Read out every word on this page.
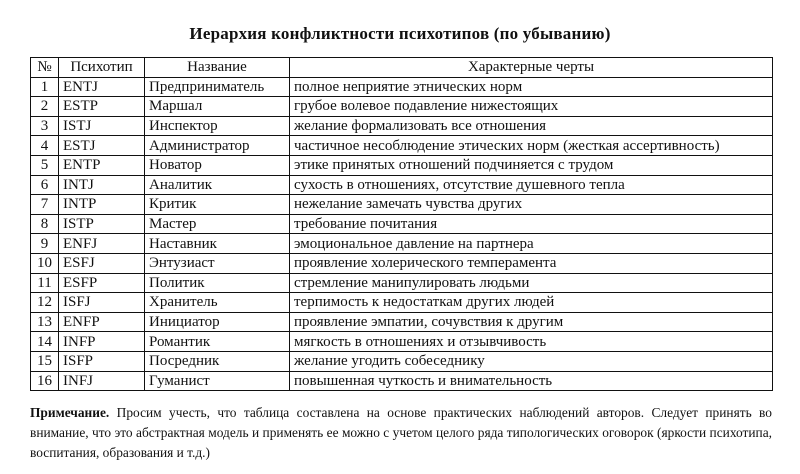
Иерархия конфликтности психотипов (по убыванию)
№	Психотип	Название	Характерные черты
1	ENTJ	Предприниматель	полное неприятие этнических норм
2	ESTP	Маршал	грубое волевое подавление нижестоящих
3	ISTJ	Инспектор	желание формализовать все отношения
4	ESTJ	Администратор	частичное несоблюдение этических норм (жесткая ассертивность)
5	ENTP	Новатор	этике принятых отношений подчиняется с трудом
6	INTJ	Аналитик	сухость в отношениях, отсутствие душевного тепла
7	INTP	Критик	нежелание замечать чувства других
8	ISTP	Мастер	требование почитания
9	ENFJ	Наставник	эмоциональное давление на партнера
10	ESFJ	Энтузиаст	проявление холерического темперамента
11	ESFP	Политик	стремление манипулировать людьми
12	ISFJ	Хранитель	терпимость к недостаткам других людей
13	ENFP	Инициатор	проявление эмпатии, сочувствия к другим
14	INFP	Романтик	мягкость в отношениях и отзывчивость
15	ISFP	Посредник	желание угодить собеседнику
16	INFJ	Гуманист	повышенная чуткость и внимательность
Примечание. Просим учесть, что таблица составлена на основе практических наблюдений авторов. Следует принять во внимание, что это абстрактная модель и применять ее можно с учетом целого ряда типологических оговорок (яркости психотипа, воспитания, образования и т.д.)
